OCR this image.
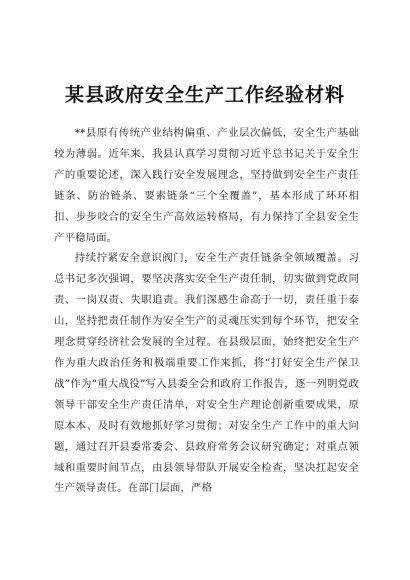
某县政府安全生产工作经验材料

**县原有传统产业结构偏重、产业层次偏低，安全生产基础较为薄弱。近年来，我县认真学习贯彻习近平总书记关于安全生产的重要论述，深入践行安全发展理念，坚持做到安全生产责任链条、防治链条、要素链条“三个全覆盖”，基本形成了环环相扣、步步咬合的安全生产高效运转格局，有力保持了全县安全生产平稳局面。

持续拧紧安全意识阀门，安全生产责任链条全领域覆盖。习总书记多次强调，要坚决落实安全生产责任制，切实做到党政同责、一岗双责、失职追责。我们深感生命高于一切，责任重于泰山，坚持把责任制作为安全生产的灵魂压实到每个环节，把安全理念贯穿经济社会发展的全过程。在县级层面，始终把安全生产作为重大政治任务和极端重要工作来抓，将“打好安全生产保卫战”作为“重大战役”写入县委全会和政府工作报告，逐一列明党政领导干部安全生产责任清单，对安全生产理论创新重要成果，原原本本、及时有效地抓好学习贯彻；对安全生产工作中的重大问题，通过召开县委常委会、县政府常务会议研究确定；对重点领域和重要时间节点，由县领导带队开展安全检查，坚决扛起安全生产领导责任。在部门层面，严格
